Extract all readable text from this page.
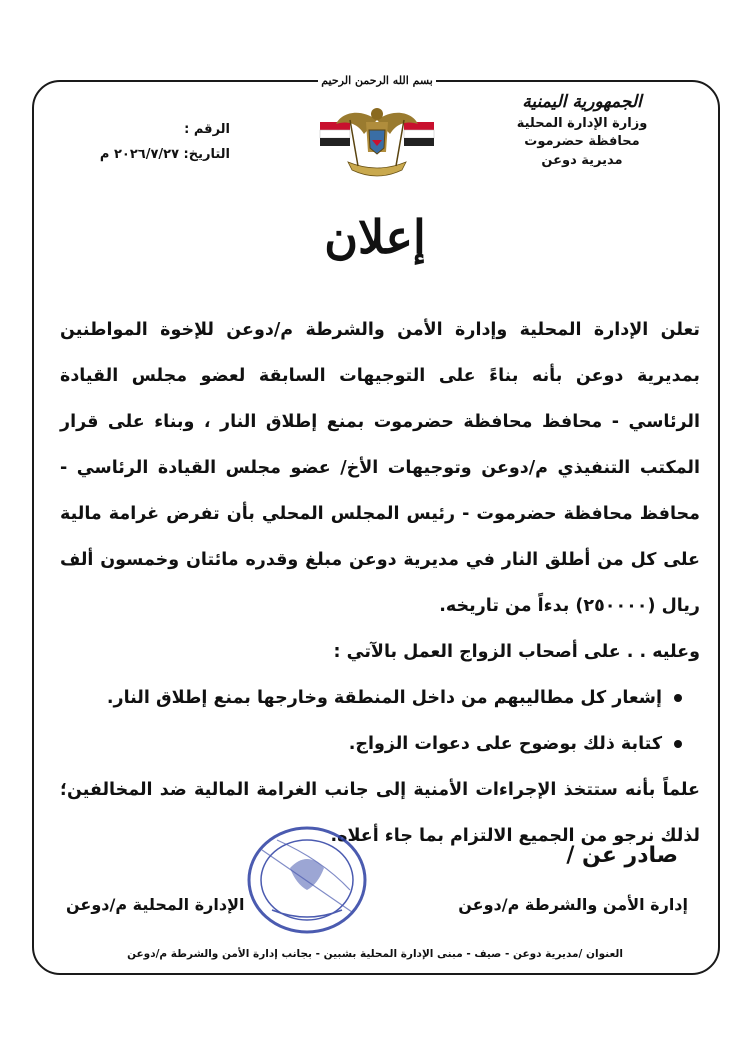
بسم الله الرحمن الرحيم
الجمهورية اليمنية
وزارة الإدارة المحلية
محافظة حضرموت
مديرية دوعن
الرقم :
التاريخ: ٢٠٢٦/٧/٢٧ م
إعلان

تعلن الإدارة المحلية وإدارة الأمن والشرطة م/دوعن للإخوة المواطنين بمديرية دوعن بأنه بناءً على التوجيهات السابقة لعضو مجلس القيادة الرئاسي - محافظ محافظة حضرموت بمنع إطلاق النار ، وبناء على قرار المكتب التنفيذي م/دوعن وتوجيهات الأخ/ عضو مجلس القيادة الرئاسي - محافظ محافظة حضرموت - رئيس المجلس المحلي بأن تفرض غرامة مالية على كل من أطلق النار في مديرية دوعن مبلغ وقدره مائتان وخمسون ألف ريال (٢٥٠٠٠٠) بدءاً من تاريخه.

وعليه . . على أصحاب الزواج العمل بالآتي :

إشعار كل مطاليبهم من داخل المنطقة وخارجها بمنع إطلاق النار.
كتابة ذلك بوضوح على دعوات الزواج.

علماً بأنه ستتخذ الإجراءات الأمنية إلى جانب الغرامة المالية ضد المخالفين؛ لذلك نرجو من الجميع الالتزام بما جاء أعلاه.

صادر عن /
إدارة الأمن والشرطة م/دوعن
الإدارة المحلية م/دوعن
العنوان /مديرية دوعن - صيف - مبنى الإدارة المحلية بشبين - بجانب إدارة الأمن والشرطة م/دوعن
